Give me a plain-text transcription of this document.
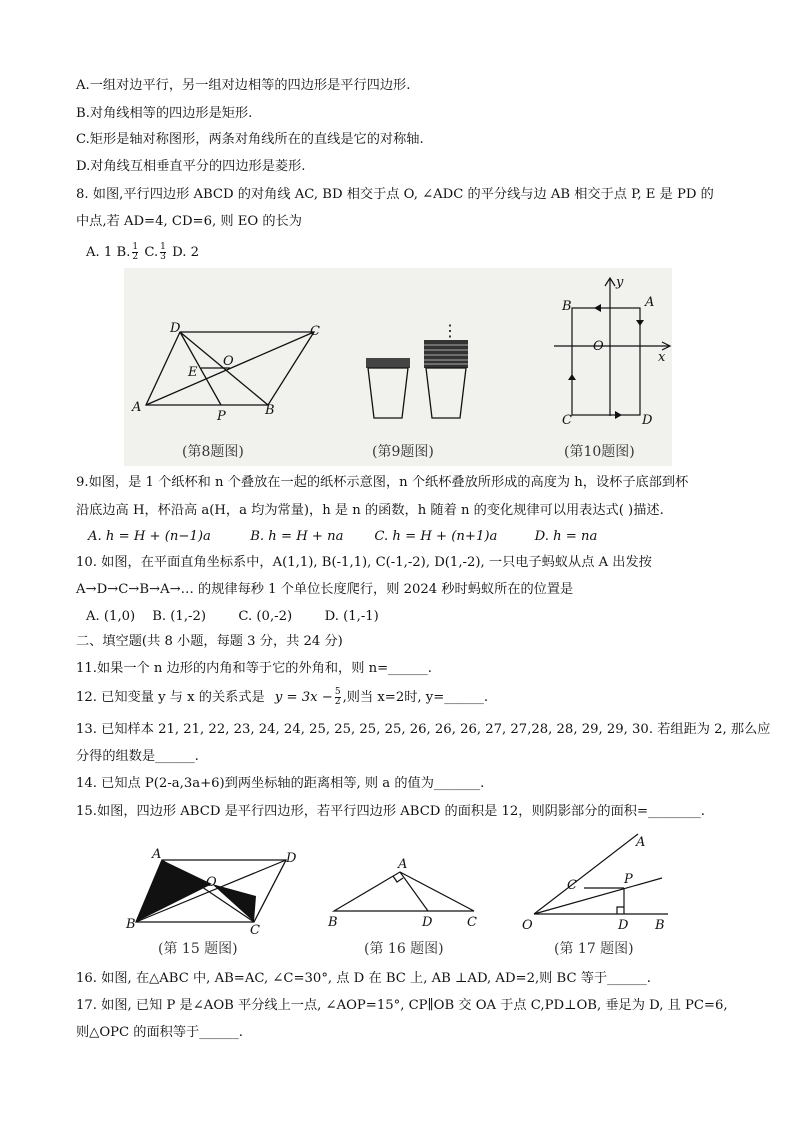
A.一组对边平行，另一组对边相等的四边形是平行四边形.
B.对角线相等的四边形是矩形.
C.矩形是轴对称图形，两条对角线所在的直线是它的对称轴.
D.对角线互相垂直平分的四边形是菱形.
8. 如图,平行四边形 ABCD 的对角线 AC, BD 相交于点 O, ∠ADC 的平分线与边 AB 相交于点 P, E 是 PD 的
中点,若 AD=4, CD=6, 则 EO 的长为
A. 1 B. $\frac{1}{2} C$. $\frac{1}{3} D$. 2
D	C
O
E
A
P	B
(第8题图)
⋮
(第9题图)
y
B	A
O
x
C	D
(第10题图)
9.如图，是 1 个纸杯和 n 个叠放在一起的纸杯示意图，n 个纸杯叠放所形成的高度为 h，设杯子底部到杯
沿底边高 H，杯沿高 a(H，a 均为常量)，h 是 n 的函数，h 随着 n 的变化规律可以用表达式( )描述.
A. h = H + (n−1)a	B. h = H + na C. h = H + (n+1)a	D. h = na
10. 如图，在平面直角坐标系中，A(1,1), B(-1,1), C(-1,-2), D(1,-2), 一只电子蚂蚁从点 A 出发按
A→D→C→B→A→… 的规律每秒 1 个单位长度爬行，则 2024 秒时蚂蚁所在的位置是
A. (1,0) B. (1,-2) C. (0,-2) D. (1,-1)
二、填空题(共 8 小题，每题 3 分，共 24 分)
11.如果一个 n 边形的内角和等于它的外角和，则 n=______.
12. 已知变量 y 与 x 的关系式是 $y = 3x - \frac{5}{2}$ ,则当 x=2时, y=______.
13. 已知样本 21, 21, 22, 23, 24, 24, 25, 25, 25, 25, 26, 26, 26, 27, 27,28, 28, 29, 29, 30. 若组距为 2, 那么应
分得的组数是______.
14. 已知点 P(2-a,3a+6)到两坐标轴的距离相等, 则 a 的值为_______.
15.如图，四边形 ABCD 是平行四边形，若平行四边形 ABCD 的面积是 12，则阴影部分的面积=________.
A	D
O
B	C
(第 15 题图)
A
B	D	C
(第 16 题图)
A
C	P
O	D B
(第 17 题图)
16. 如图, 在△ABC 中, AB=AC, ∠C=30°, 点 D 在 BC 上, AB ⊥AD, AD=2,则 BC 等于______.
17. 如图, 已知 P 是∠AOB 平分线上一点, ∠AOP=15°, CP∥OB 交 OA 于点 C,PD⊥OB, 垂足为 D, 且 PC=6,
则△OPC 的面积等于______.
